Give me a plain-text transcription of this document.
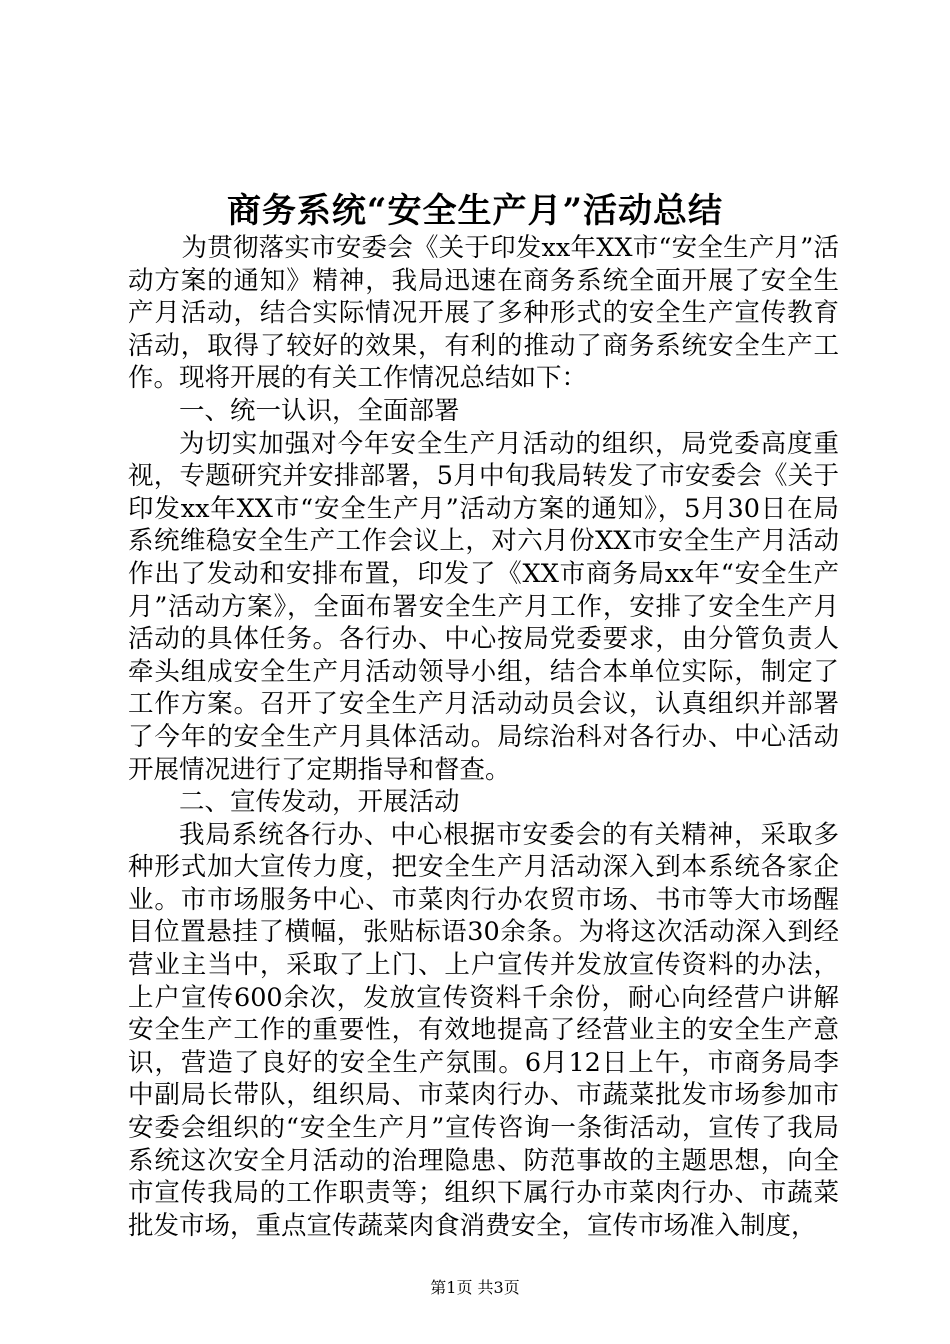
商务系统“安全生产月”活动总结

为贯彻落实市安委会《关于印发xx年XX市“安全生产月”活动方案的通知》精神，我局迅速在商务系统全面开展了安全生产月活动，结合实际情况开展了多种形式的安全生产宣传教育活动，取得了较好的效果，有利的推动了商务系统安全生产工作。现将开展的有关工作情况总结如下：

一、统一认识，全面部署

为切实加强对今年安全生产月活动的组织，局党委高度重视，专题研究并安排部署，5月中旬我局转发了市安委会《关于印发xx年XX市“安全生产月”活动方案的通知》，5月30日在局系统维稳安全生产工作会议上，对六月份XX市安全生产月活动作出了发动和安排布置，印发了《XX市商务局xx年“安全生产月”活动方案》，全面布署安全生产月工作，安排了安全生产月活动的具体任务。各行办、中心按局党委要求，由分管负责人牵头组成安全生产月活动领导小组，结合本单位实际，制定了工作方案。召开了安全生产月活动动员会议，认真组织并部署了今年的安全生产月具体活动。局综治科对各行办、中心活动开展情况进行了定期指导和督查。

二、宣传发动，开展活动

我局系统各行办、中心根据市安委会的有关精神，采取多种形式加大宣传力度，把安全生产月活动深入到本系统各家企业。市市场服务中心、市菜肉行办农贸市场、书市等大市场醒目位置悬挂了横幅，张贴标语30余条。为将这次活动深入到经营业主当中，采取了上门、上户宣传并发放宣传资料的办法，上户宣传600余次，发放宣传资料千余份，耐心向经营户讲解安全生产工作的重要性，有效地提高了经营业主的安全生产意识，营造了良好的安全生产氛围。6月12日上午，市商务局李中副局长带队，组织局、市菜肉行办、市蔬菜批发市场参加市安委会组织的“安全生产月”宣传咨询一条街活动，宣传了我局系统这次安全月活动的治理隐患、防范事故的主题思想，向全市宣传我局的工作职责等；组织下属行办市菜肉行办、市蔬菜批发市场，重点宣传蔬菜肉食消费安全，宣传市场准入制度，

第1页 共3页
